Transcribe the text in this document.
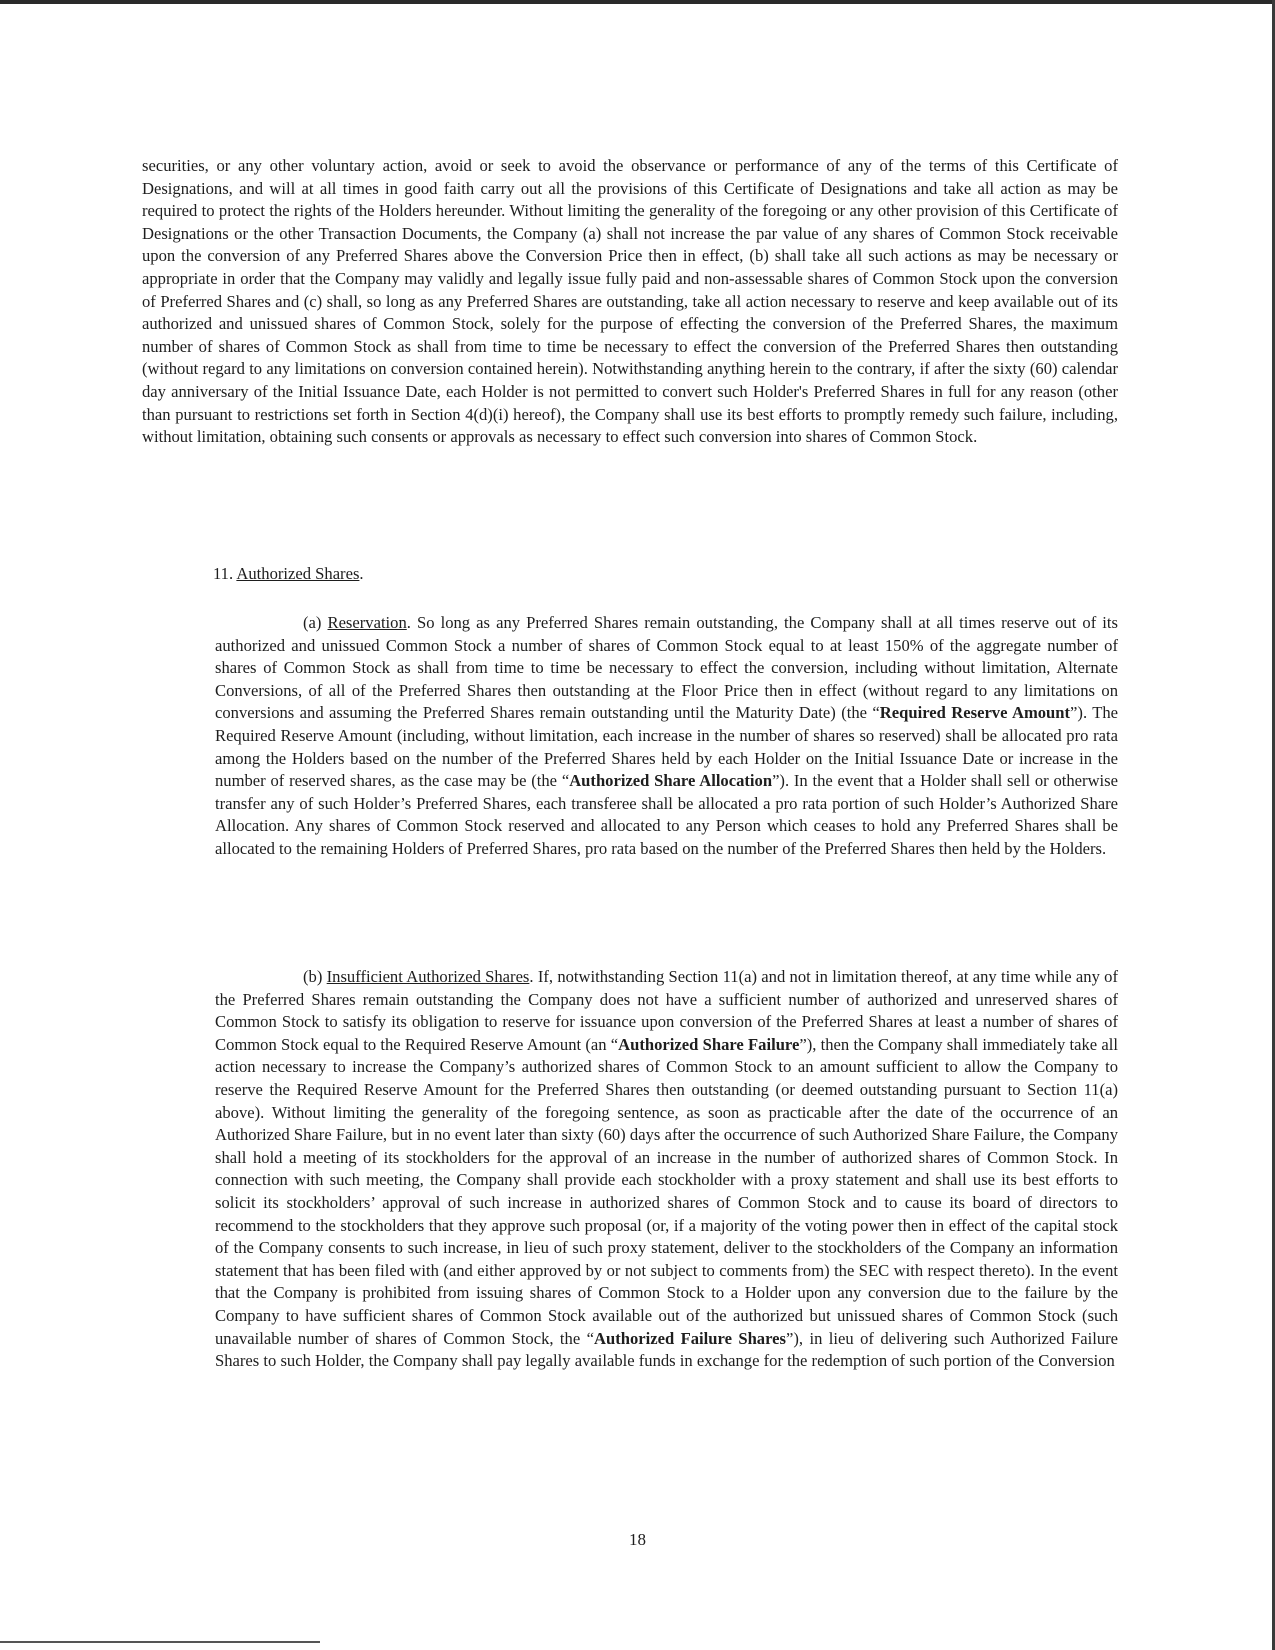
securities, or any other voluntary action, avoid or seek to avoid the observance or performance of any of the terms of this Certificate of Designations, and will at all times in good faith carry out all the provisions of this Certificate of Designations and take all action as may be required to protect the rights of the Holders hereunder. Without limiting the generality of the foregoing or any other provision of this Certificate of Designations or the other Transaction Documents, the Company (a) shall not increase the par value of any shares of Common Stock receivable upon the conversion of any Preferred Shares above the Conversion Price then in effect, (b) shall take all such actions as may be necessary or appropriate in order that the Company may validly and legally issue fully paid and non-assessable shares of Common Stock upon the conversion of Preferred Shares and (c) shall, so long as any Preferred Shares are outstanding, take all action necessary to reserve and keep available out of its authorized and unissued shares of Common Stock, solely for the purpose of effecting the conversion of the Preferred Shares, the maximum number of shares of Common Stock as shall from time to time be necessary to effect the conversion of the Preferred Shares then outstanding (without regard to any limitations on conversion contained herein). Notwithstanding anything herein to the contrary, if after the sixty (60) calendar day anniversary of the Initial Issuance Date, each Holder is not permitted to convert such Holder's Preferred Shares in full for any reason (other than pursuant to restrictions set forth in Section 4(d)(i) hereof), the Company shall use its best efforts to promptly remedy such failure, including, without limitation, obtaining such consents or approvals as necessary to effect such conversion into shares of Common Stock.

11. Authorized Shares.

(a) Reservation. So long as any Preferred Shares remain outstanding, the Company shall at all times reserve out of its authorized and unissued Common Stock a number of shares of Common Stock equal to at least 150% of the aggregate number of shares of Common Stock as shall from time to time be necessary to effect the conversion, including without limitation, Alternate Conversions, of all of the Preferred Shares then outstanding at the Floor Price then in effect (without regard to any limitations on conversions and assuming the Preferred Shares remain outstanding until the Maturity Date) (the “Required Reserve Amount”). The Required Reserve Amount (including, without limitation, each increase in the number of shares so reserved) shall be allocated pro rata among the Holders based on the number of the Preferred Shares held by each Holder on the Initial Issuance Date or increase in the number of reserved shares, as the case may be (the “Authorized Share Allocation”). In the event that a Holder shall sell or otherwise transfer any of such Holder’s Preferred Shares, each transferee shall be allocated a pro rata portion of such Holder’s Authorized Share Allocation. Any shares of Common Stock reserved and allocated to any Person which ceases to hold any Preferred Shares shall be allocated to the remaining Holders of Preferred Shares, pro rata based on the number of the Preferred Shares then held by the Holders.

(b) Insufficient Authorized Shares. If, notwithstanding Section 11(a) and not in limitation thereof, at any time while any of the Preferred Shares remain outstanding the Company does not have a sufficient number of authorized and unreserved shares of Common Stock to satisfy its obligation to reserve for issuance upon conversion of the Preferred Shares at least a number of shares of Common Stock equal to the Required Reserve Amount (an “Authorized Share Failure”), then the Company shall immediately take all action necessary to increase the Company’s authorized shares of Common Stock to an amount sufficient to allow the Company to reserve the Required Reserve Amount for the Preferred Shares then outstanding (or deemed outstanding pursuant to Section 11(a) above). Without limiting the generality of the foregoing sentence, as soon as practicable after the date of the occurrence of an Authorized Share Failure, but in no event later than sixty (60) days after the occurrence of such Authorized Share Failure, the Company shall hold a meeting of its stockholders for the approval of an increase in the number of authorized shares of Common Stock. In connection with such meeting, the Company shall provide each stockholder with a proxy statement and shall use its best efforts to solicit its stockholders’ approval of such increase in authorized shares of Common Stock and to cause its board of directors to recommend to the stockholders that they approve such proposal (or, if a majority of the voting power then in effect of the capital stock of the Company consents to such increase, in lieu of such proxy statement, deliver to the stockholders of the Company an information statement that has been filed with (and either approved by or not subject to comments from) the SEC with respect thereto). In the event that the Company is prohibited from issuing shares of Common Stock to a Holder upon any conversion due to the failure by the Company to have sufficient shares of Common Stock available out of the authorized but unissued shares of Common Stock (such unavailable number of shares of Common Stock, the “Authorized Failure Shares”), in lieu of delivering such Authorized Failure Shares to such Holder, the Company shall pay legally available funds in exchange for the redemption of such portion of the Conversion

18
